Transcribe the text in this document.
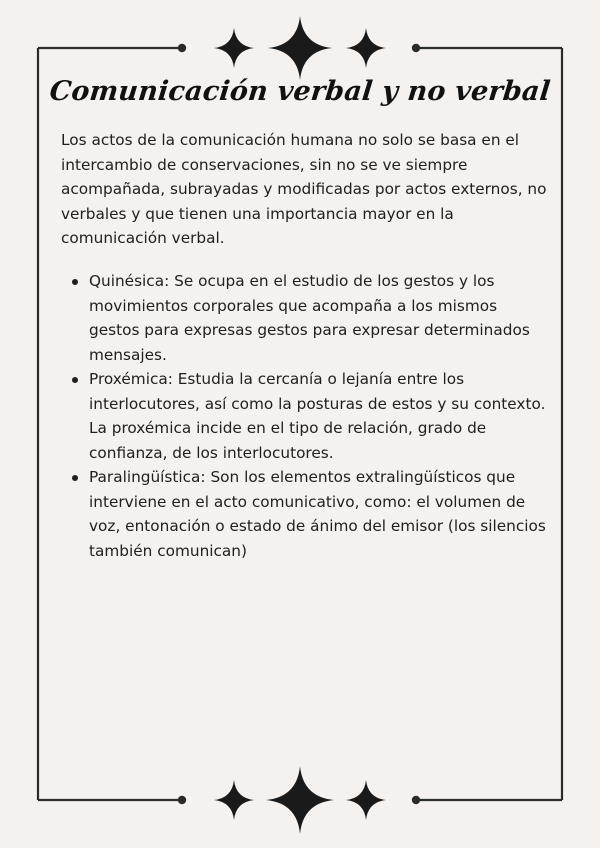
Comunicación verbal y no verbal

Los actos de la comunicación humana no solo se basa en el intercambio de conservaciones, sin no se ve siempre acompañada, subrayadas y modificadas por actos externos, no verbales y que tienen una importancia mayor en la comunicación verbal.

Quinésica: Se ocupa en el estudio de los gestos y los movimientos corporales que acompaña a los mismos gestos para expresas gestos para expresar determinados mensajes.
Proxémica: Estudia la cercanía o lejanía entre los interlocutores, así como la posturas de estos y su contexto. La proxémica incide en el tipo de relación, grado de confianza, de los interlocutores.
Paralingüística: Son los elementos extralingüísticos que interviene en el acto comunicativo, como: el volumen de voz, entonación o estado de ánimo del emisor (los silencios también comunican)
